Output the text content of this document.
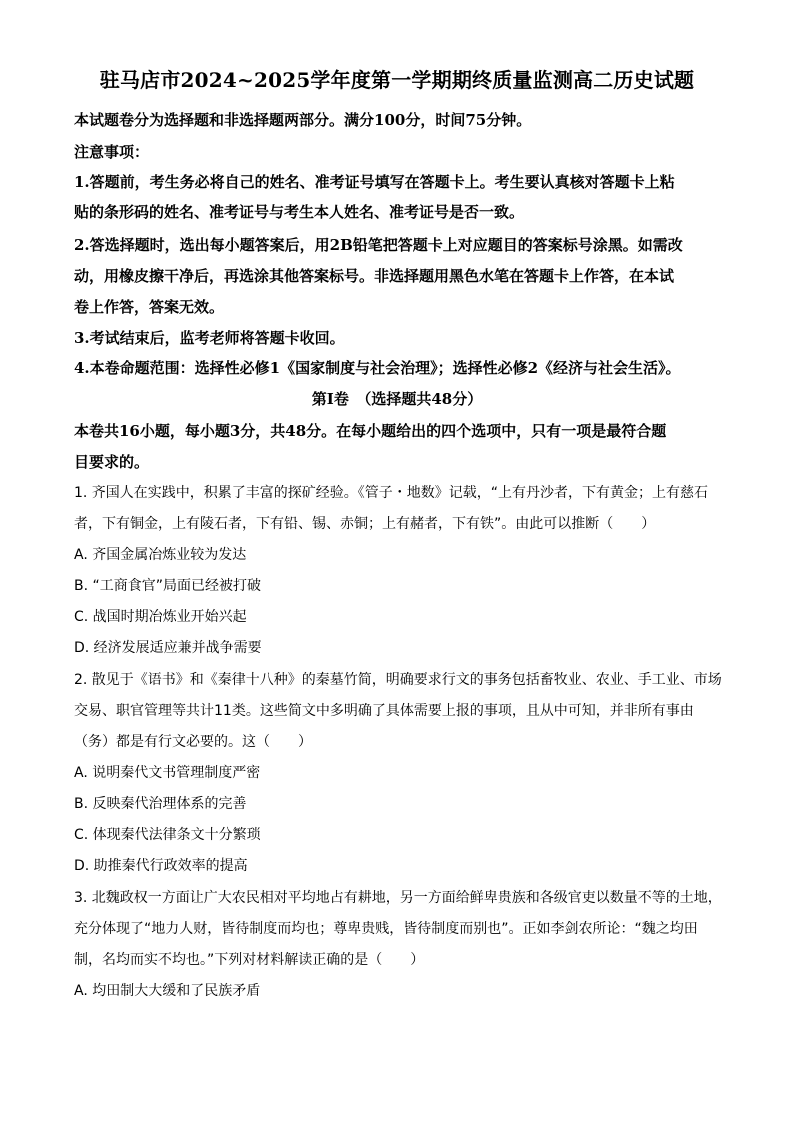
驻马店市2024~2025学年度第一学期期终质量监测高二历史试题
本试题卷分为选择题和非选择题两部分。满分100分，时间75分钟。
注意事项：
1.答题前，考生务必将自己的姓名、准考证号填写在答题卡上。考生要认真核对答题卡上粘
贴的条形码的姓名、准考证号与考生本人姓名、准考证号是否一致。
2.答选择题时，选出每小题答案后，用2B铅笔把答题卡上对应题目的答案标号涂黑。如需改
动，用橡皮擦干净后，再选涂其他答案标号。非选择题用黑色水笔在答题卡上作答，在本试
卷上作答，答案无效。
3.考试结束后，监考老师将答题卡收回。
4.本卷命题范围：选择性必修1《国家制度与社会治理》；选择性必修2《经济与社会生活》。
第Ⅰ卷　（选择题共48分）
本卷共16小题，每小题3分，共48分。在每小题给出的四个选项中，只有一项是最符合题
目要求的。
1. 齐国人在实践中，积累了丰富的探矿经验。《管子・地数》记载，“上有丹沙者，下有黄金；上有慈石
者，下有铜金，上有陵石者，下有铅、锡、赤铜；上有赭者，下有铁”。由此可以推断（　　）
A. 齐国金属冶炼业较为发达
B. “工商食官”局面已经被打破
C. 战国时期冶炼业开始兴起
D. 经济发展适应兼并战争需要
2. 散见于《语书》和《秦律十八种》的秦墓竹简，明确要求行文的事务包括畜牧业、农业、手工业、市场
交易、职官管理等共计11类。这些简文中多明确了具体需要上报的事项，且从中可知，并非所有事由
（务）都是有行文必要的。这（　　）
A. 说明秦代文书管理制度严密
B. 反映秦代治理体系的完善
C. 体现秦代法律条文十分繁琐
D. 助推秦代行政效率的提高
3. 北魏政权一方面让广大农民相对平均地占有耕地，另一方面给鲜卑贵族和各级官吏以数量不等的土地，
充分体现了“地力人财，皆待制度而均也；尊卑贵贱，皆待制度而别也”。正如李剑农所论：“魏之均田
制，名均而实不均也。”下列对材料解读正确的是（　　）
A. 均田制大大缓和了民族矛盾
